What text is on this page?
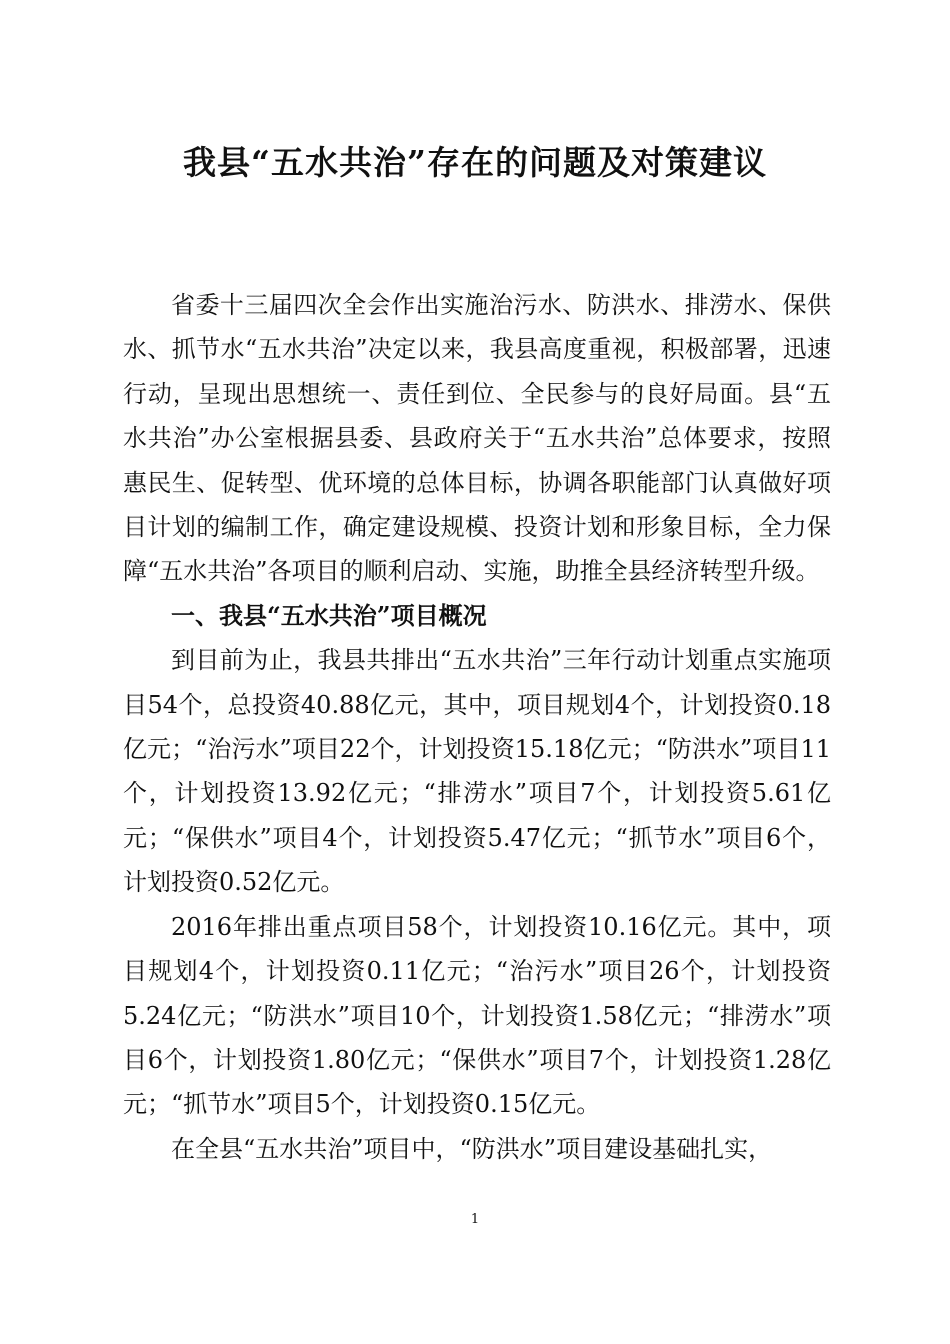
我县“五水共治”存在的问题及对策建议

省委十三届四次全会作出实施治污水、防洪水、排涝水、保供水、抓节水“五水共治”决定以来，我县高度重视，积极部署，迅速行动，呈现出思想统一、责任到位、全民参与的良好局面。县“五水共治”办公室根据县委、县政府关于“五水共治”总体要求，按照惠民生、促转型、优环境的总体目标，协调各职能部门认真做好项目计划的编制工作，确定建设规模、投资计划和形象目标，全力保障“五水共治”各项目的顺利启动、实施，助推全县经济转型升级。

一、我县“五水共治”项目概况

到目前为止，我县共排出“五水共治”三年行动计划重点实施项目54个，总投资40.88亿元，其中，项目规划4个，计划投资0.18亿元；“治污水”项目22个，计划投资15.18亿元；“防洪水”项目11个，计划投资13.92亿元；“排涝水”项目7个，计划投资5.61亿元；“保供水”项目4个，计划投资5.47亿元；“抓节水”项目6个，计划投资0.52亿元。

2016年排出重点项目58个，计划投资10.16亿元。其中，项目规划4个，计划投资0.11亿元；“治污水”项目26个，计划投资5.24亿元；“防洪水”项目10个，计划投资1.58亿元；“排涝水”项目6个，计划投资1.80亿元；“保供水”项目7个，计划投资1.28亿元；“抓节水”项目5个，计划投资0.15亿元。

在全县“五水共治”项目中，“防洪水”项目建设基础扎实，

1
